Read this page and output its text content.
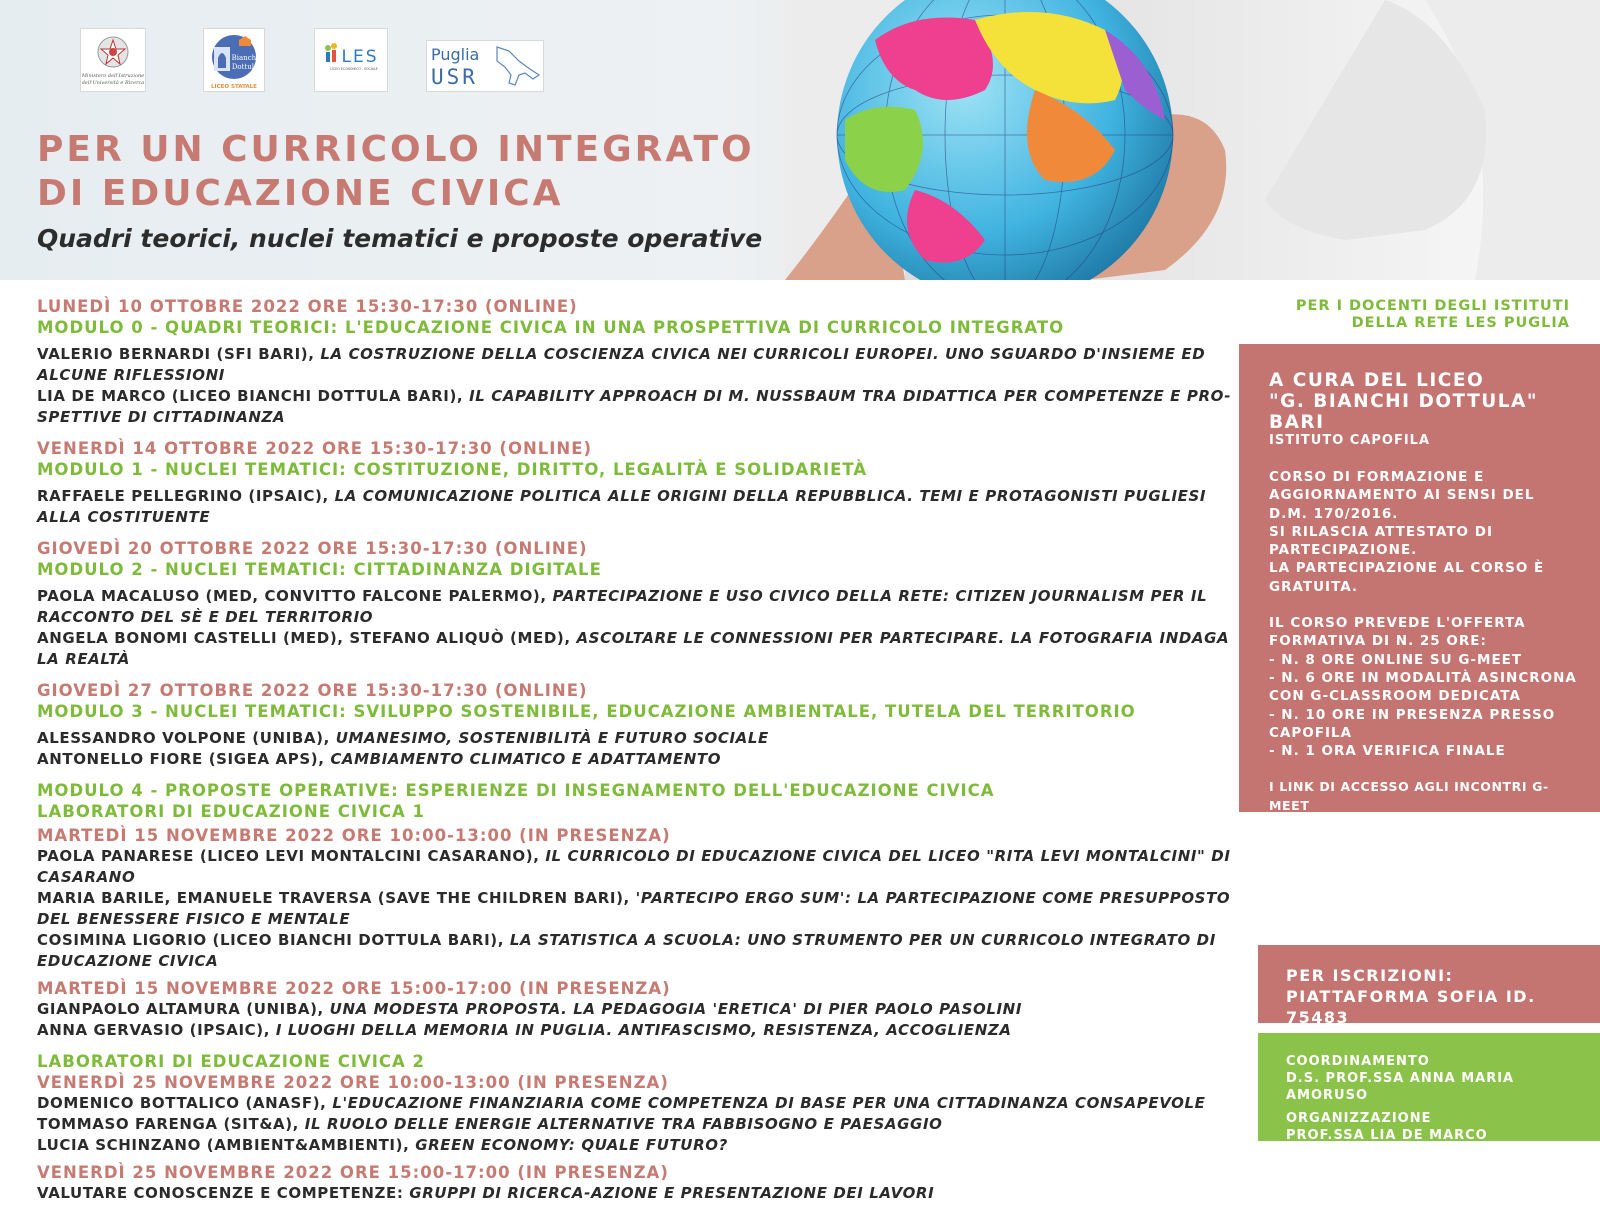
Ministero dell'Istruzione
dell'Università e Ricerca
Bianchi
Dottula
LICEO STATALE
LES
LICEO ECONOMICO - SOCIALE
Puglia
USR
PER UN CURRICOLO INTEGRATO
DI EDUCAZIONE CIVICA
Quadri teorici, nuclei tematici e proposte operative
LUNEDÌ 10 OTTOBRE 2022 ORE 15:30-17:30 (ONLINE)
MODULO 0 - QUADRI TEORICI: L'EDUCAZIONE CIVICA IN UNA PROSPETTIVA DI CURRICOLO INTEGRATO
VALERIO BERNARDI (SFI BARI), LA COSTRUZIONE DELLA COSCIENZA CIVICA NEI CURRICOLI EUROPEI. UNO SGUARDO D'INSIEME ED ALCUNE RIFLESSIONI
LIA DE MARCO (LICEO BIANCHI DOTTULA BARI), IL CAPABILITY APPROACH DI M. NUSSBAUM TRA DIDATTICA PER COMPETENZE E PRO-SPETTIVE DI CITTADINANZA
VENERDÌ 14 OTTOBRE 2022 ORE 15:30-17:30 (ONLINE)
MODULO 1 - NUCLEI TEMATICI: COSTITUZIONE, DIRITTO, LEGALITÀ E SOLIDARIETÀ
RAFFAELE PELLEGRINO (IPSAIC), LA COMUNICAZIONE POLITICA ALLE ORIGINI DELLA REPUBBLICA. TEMI E PROTAGONISTI PUGLIESI ALLA COSTITUENTE
GIOVEDÌ 20 OTTOBRE 2022 ORE 15:30-17:30 (ONLINE)
MODULO 2 - NUCLEI TEMATICI: CITTADINANZA DIGITALE
PAOLA MACALUSO (MED, CONVITTO FALCONE PALERMO), PARTECIPAZIONE E USO CIVICO DELLA RETE: CITIZEN JOURNALISM PER IL RACCONTO DEL SÈ E DEL TERRITORIO
ANGELA BONOMI CASTELLI (MED), STEFANO ALIQUÒ (MED), ASCOLTARE LE CONNESSIONI PER PARTECIPARE. LA FOTOGRAFIA INDAGA LA REALTÀ
GIOVEDÌ 27 OTTOBRE 2022 ORE 15:30-17:30 (ONLINE)
MODULO 3 - NUCLEI TEMATICI: SVILUPPO SOSTENIBILE, EDUCAZIONE AMBIENTALE, TUTELA DEL TERRITORIO
ALESSANDRO VOLPONE (UNIBA), UMANESIMO, SOSTENIBILITÀ E FUTURO SOCIALE
ANTONELLO FIORE (SIGEA APS), CAMBIAMENTO CLIMATICO E ADATTAMENTO
MODULO 4 - PROPOSTE OPERATIVE: ESPERIENZE DI INSEGNAMENTO DELL'EDUCAZIONE CIVICA
LABORATORI DI EDUCAZIONE CIVICA 1
MARTEDÌ 15 NOVEMBRE 2022 ORE 10:00-13:00 (IN PRESENZA)
PAOLA PANARESE (LICEO LEVI MONTALCINI CASARANO), IL CURRICOLO DI EDUCAZIONE CIVICA DEL LICEO "RITA LEVI MONTALCINI" DI CASARANO
MARIA BARILE, EMANUELE TRAVERSA (SAVE THE CHILDREN BARI), 'PARTECIPO ERGO SUM': LA PARTECIPAZIONE COME PRESUPPOSTO DEL BENESSERE FISICO E MENTALE
COSIMINA LIGORIO (LICEO BIANCHI DOTTULA BARI), LA STATISTICA A SCUOLA: UNO STRUMENTO PER UN CURRICOLO INTEGRATO DI EDUCAZIONE CIVICA
MARTEDÌ 15 NOVEMBRE 2022 ORE 15:00-17:00 (IN PRESENZA)
GIANPAOLO ALTAMURA (UNIBA), UNA MODESTA PROPOSTA. LA PEDAGOGIA 'ERETICA' DI PIER PAOLO PASOLINI
ANNA GERVASIO (IPSAIC), I LUOGHI DELLA MEMORIA IN PUGLIA. ANTIFASCISMO, RESISTENZA, ACCOGLIENZA
LABORATORI DI EDUCAZIONE CIVICA 2
VENERDÌ 25 NOVEMBRE 2022 ORE 10:00-13:00 (IN PRESENZA)
DOMENICO BOTTALICO (ANASF), L'EDUCAZIONE FINANZIARIA COME COMPETENZA DI BASE PER UNA CITTADINANZA CONSAPEVOLE
TOMMASO FARENGA (SIT&A), IL RUOLO DELLE ENERGIE ALTERNATIVE TRA FABBISOGNO E PAESAGGIO
LUCIA SCHINZANO (AMBIENT&AMBIENTI), GREEN ECONOMY: QUALE FUTURO?
VENERDÌ 25 NOVEMBRE 2022 ORE 15:00-17:00 (IN PRESENZA)
VALUTARE CONOSCENZE E COMPETENZE: GRUPPI DI RICERCA-AZIONE E PRESENTAZIONE DEI LAVORI
PER I DOCENTI DEGLI ISTITUTI
DELLA RETE LES PUGLIA
A CURA DEL LICEO
"G. BIANCHI DOTTULA" BARI
ISTITUTO CAPOFILA
CORSO DI FORMAZIONE E
AGGIORNAMENTO AI SENSI DEL
D.M. 170/2016.
SI RILASCIA ATTESTATO DI
PARTECIPAZIONE.
LA PARTECIPAZIONE AL CORSO È
GRATUITA.
IL CORSO PREVEDE L'OFFERTA
FORMATIVA DI N. 25 ORE:
- N. 8 ORE ONLINE SU G-MEET
- N. 6 ORE IN MODALITÀ ASINCRONA
CON G-CLASSROOM DEDICATA
- N. 10 ORE IN PRESENZA PRESSO
CAPOFILA
- N. 1 ORA VERIFICA FINALE
I LINK DI ACCESSO AGLI INCONTRI G-MEET
SARANNO COMUNICATI AGLI ISCRITTI.
PER ISCRIZIONI:
PIATTAFORMA SOFIA ID. 75483
COORDINAMENTO
D.S. PROF.SSA ANNA MARIA AMORUSO
ORGANIZZAZIONE
PROF.SSA LIA DE MARCO
